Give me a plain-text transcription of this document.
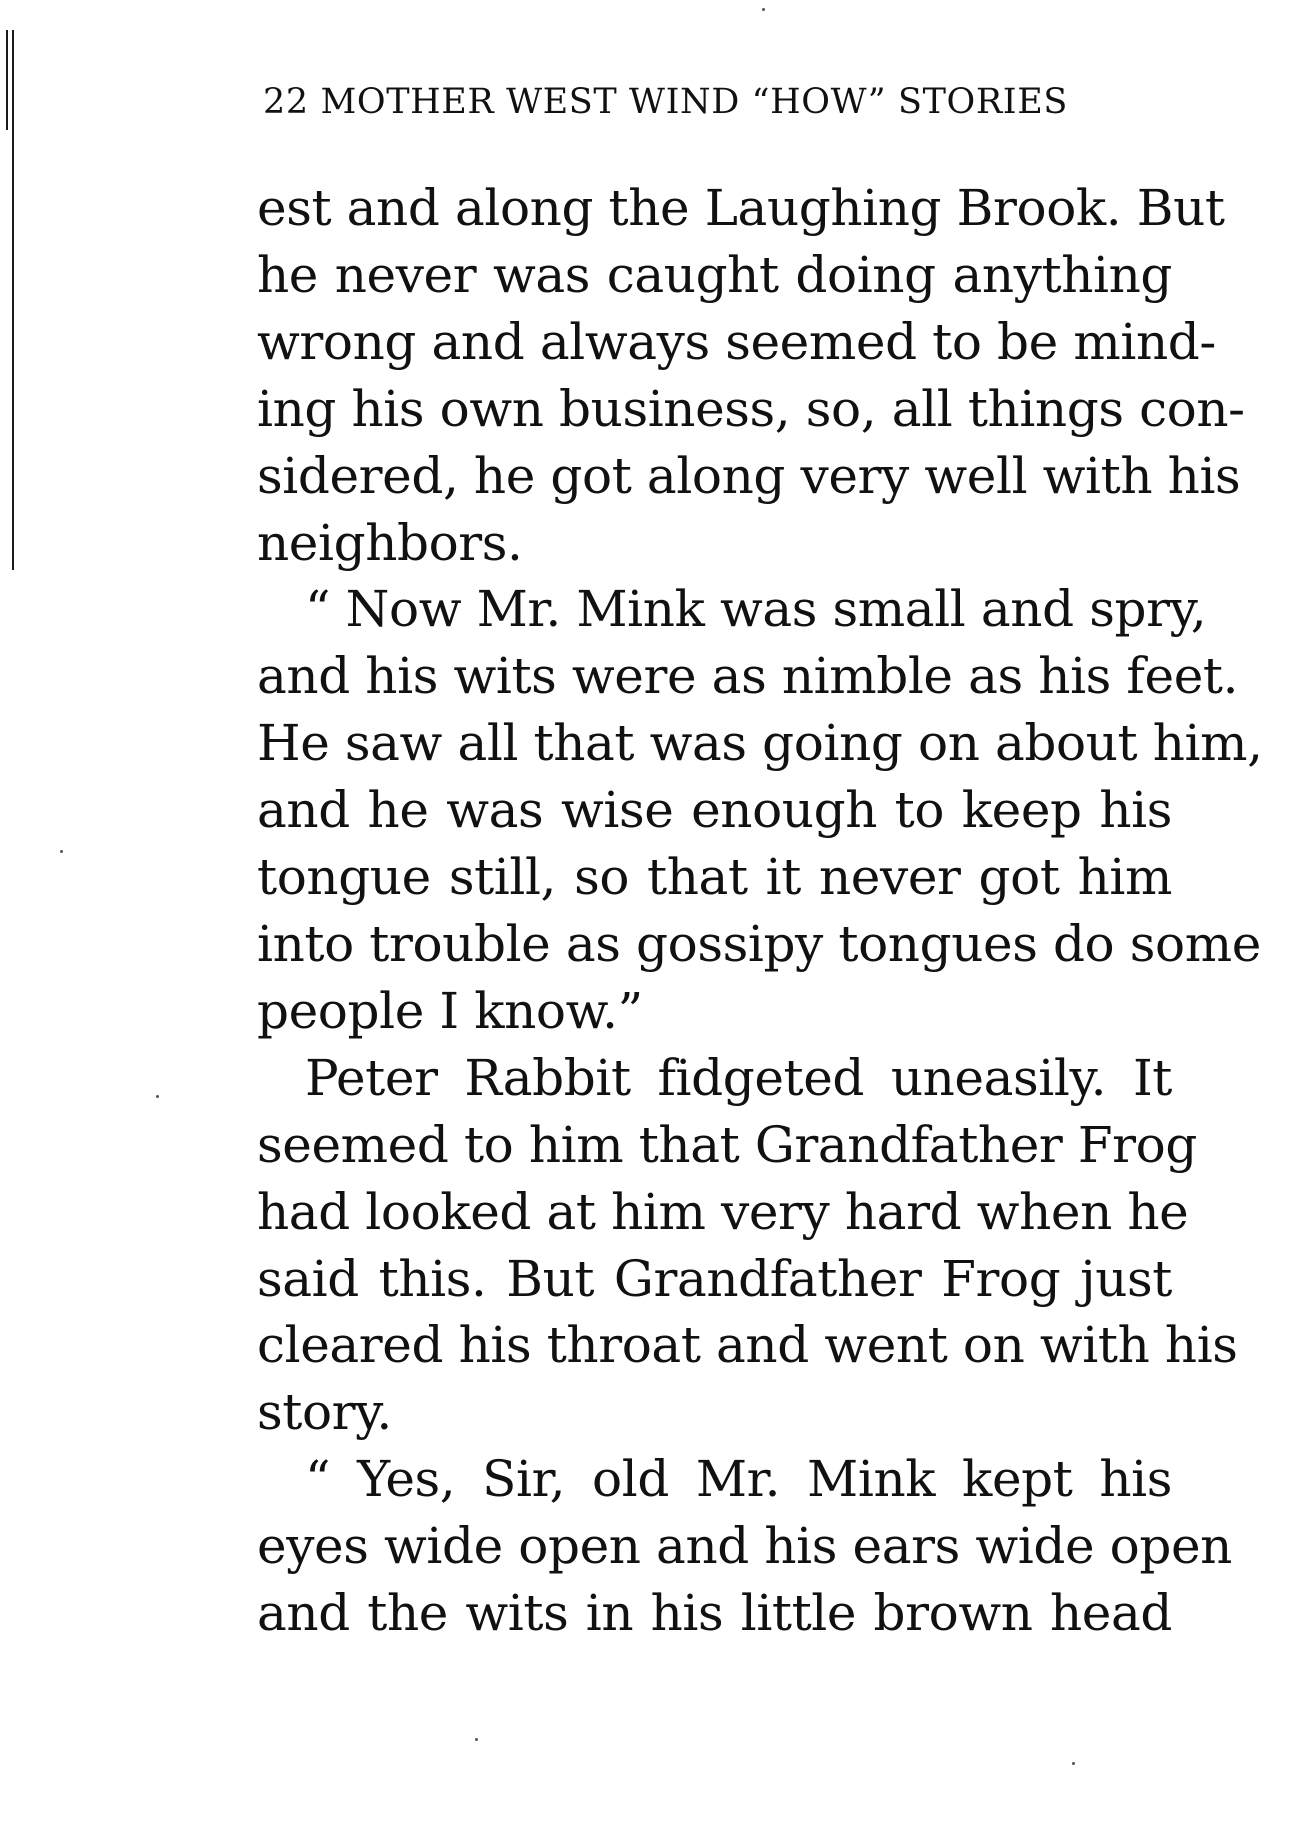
22 MOTHER WEST WIND “HOW” STORIES

est and along the Laughing Brook. But
he never was caught doing anything
wrong and always seemed to be mind-
ing his own business, so, all things con-
sidered, he got along very well with his
neighbors.

“ Now Mr. Mink was small and spry,
and his wits were as nimble as his feet.
He saw all that was going on about him,
and he was wise enough to keep his
tongue still, so that it never got him
into trouble as gossipy tongues do some
people I know.”

Peter Rabbit fidgeted uneasily. It
seemed to him that Grandfather Frog
had looked at him very hard when he
said this. But Grandfather Frog just
cleared his throat and went on with his
story.

“ Yes, Sir, old Mr. Mink kept his
eyes wide open and his ears wide open
and the wits in his little brown head
